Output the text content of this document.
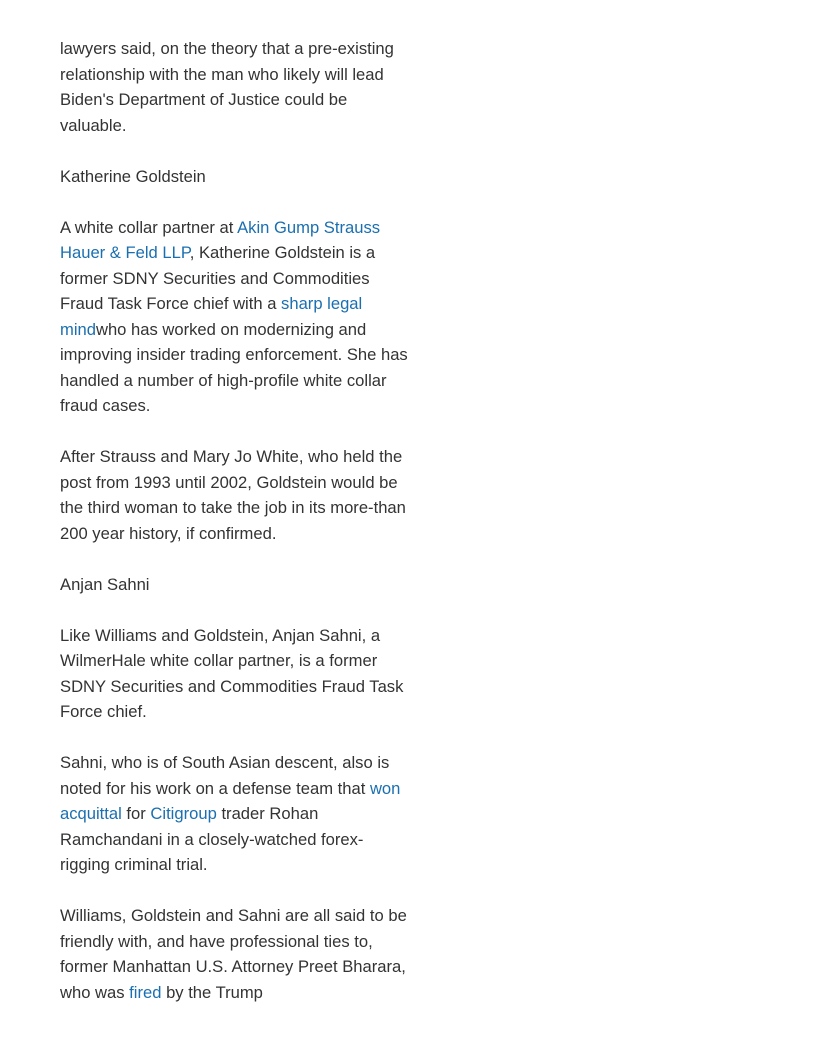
lawyers said, on the theory that a pre-existing relationship with the man who likely will lead Biden's Department of Justice could be valuable.

Katherine Goldstein

A white collar partner at Akin Gump Strauss Hauer & Feld LLP, Katherine Goldstein is a former SDNY Securities and Commodities Fraud Task Force chief with a sharp legal mindwho has worked on modernizing and improving insider trading enforcement. She has handled a number of high-profile white collar fraud cases.

After Strauss and Mary Jo White, who held the post from 1993 until 2002, Goldstein would be the third woman to take the job in its more-than 200 year history, if confirmed.

Anjan Sahni

Like Williams and Goldstein, Anjan Sahni, a WilmerHale white collar partner, is a former SDNY Securities and Commodities Fraud Task Force chief.

Sahni, who is of South Asian descent, also is noted for his work on a defense team that won acquittal for Citigroup trader Rohan Ramchandani in a closely-watched forex-rigging criminal trial.

Williams, Goldstein and Sahni are all said to be friendly with, and have professional ties to, former Manhattan U.S. Attorney Preet Bharara, who was fired by the Trump
